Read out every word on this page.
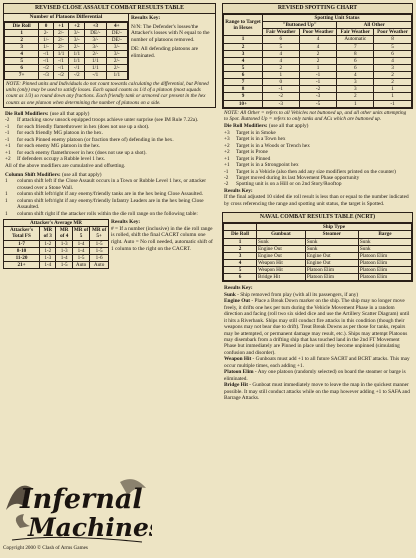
REVISED CLOSE ASSAULT COMBAT RESULTS TABLE
Number of Platoons Differential
Die Roll	0	+1	+2	+3	4+
1	2-	2/-	3/-	DE/-	DE/-
2	1/-	2/-	3/-	3/-	DE/-
3	1/-	2/-	2/-	3/-	3/-
4	-/1	1/1	1/1	2/-	3/-
5	-/1	-/1	1/1	1/1	2/-
6	-/2	-/1	-/1	1/1	2/-
7+	-/3	-/2	-/2	-/1	1/1
Results Key:

N/N: The Defender's losses/the Attacker's losses with N equal to the number of platoons removed.

DE: All defending platoons are eliminated.

NOTE: Pinned units and Individuals do not count towards calculating the differential, but Pinned units (only) may be used to satisfy losses. Each squad counts as 1/4 of a platoon (most squads count as 1/3) so round down any fractions. Each friendly tank or armored car present in the hex counts as one platoon when determining the number of platoons on a side.

Die Roll Modifiers: (use all that apply)
-2	If attacking snow unsock equipped troops achieve unter surprise (see IM Rule 7.22a).
-1	for each friendly flamethrower in hex (does not use up a shot).
-1	for each friendly MG platoon in the hex.
-1	for each Pinned enemy platoon (or fraction there of) defending in the hex.
+1	for each enemy MG platoon in the hex.
+1	for each enemy flamethrower in hex (does not use up a shot).
+2	If defenders occupy a Rubble level 1 hex.
All of the above modifiers are cumulative and offsetting.
Column Shift Modifiers: (use all that apply)
1	column shift left if the Close Assault occurs in a Town or Rubble Level 1 hex, or attacker crossed over a Stone Wall.
1	column shift left/right if any enemy/friendly tanks are in the hex being Close Assaulted.
1	column shift left/right if any enemy/friendly Infantry Leaders are in the hex being Close Assaulted.
1	column shift right if the attacker rolls within the die roll range on the following table:
Attacker's Average MR				
Attacker's Total FS	MR of 3	MR of 4	MR of 5	MR of 5+
1-7	1-2	1-3	1-4	1-5
8-10	1-2	1-3	1-4	1-5
11-20	1-3	1-4	1-5	1-6
21+	1-4	1-5	Auto	Auto
Results Key:

# = If a number (inclusive) in the die roll range is rolled, shift the final CACRT column one right. Auto = No roll needed, automatic shift of 1 column to the right on the CACRT.

Infernal
Machines
Copyright 2000 © Clash of Arms Games
REVISED SPOTTING CHART
Range to Target in Hexes	Spotting Unit Status			
	"Buttoned Up"		All Other	
	Fair Weather	Poor Weather	Fair Weather	Poor Weather
1	6	4	Automatic	8
2	5	4	7	5
3	4	2	8	6
4	4	2	6	4
5	2	1	6	3
6	1	-1	4	2
7	0	-1	3	2
8	-1	-2	3	1
9	-2	-3	2	1
10+	-3	-5	1	-1

NOTE: All Other = refers to all Vehicles not buttoned up, and all other units attempting to Spot. Buttoned Up = refers to only tanks and ACs which are buttoned up.

Die Roll Modifiers: (use all that apply)
+3	Target is in Smoke
+3	Target is in a Town hex
+2	Target is in a Woods or Trench hex
+2	Target is Prone
+1	Target is Pinned
+1	Target is in a Strongpoint hex
-1	Target is a Vehicle (also then add any size modifiers printed on the counter)
-2	Target moved during its last Movement Phase opportunity
-2	Spotting unit is on a Hill or on 2nd Story/Rooftop
Results Key:

If the final adjusted 10 sided die roll result is less than or equal to the number indicated by cross referencing the range and spotting unit status, the target is Spotted.

NAVAL COMBAT RESULTS TABLE (NCRT)
	Ship Type		
Die Roll	Gunboat	Steamer	Barge
1	Sunk	Sunk	Sunk
2	Engine Out	Sunk	Sunk
3	Engine Out	Engine Out	Platoon Elim
4	Weapon Hit	Engine Out	Platoon Elim
5	Weapon Hit	Platoon Elim	Platoon Elim
6	Bridge Hit	Platoon Elim	Platoon Elim
Results Key:

Sunk - Ship removed from play (with all its passengers, if any)

Engine Out - Place a Break Down marker on the ship. The ship may no longer move freely, it drifts one hex per turn during the Vehicle Movement Phase in a random direction and facing (roll two six sided dice and use the Artillery Scatter Diagram) until it hits a Riverbank. Ships may still conduct fire attacks in this condition (though their weapons may not bear due to drift). Treat Break Downs as per those for tanks, repairs may be attempted, or permanent damage may result, etc.). Ships may attempt Platoons may disembark from a drifting ship that has touched land in the 2nd FT Movement Phase but immediately are Pinned in place until they become unpinned (simulating confusion and disorder).

Weapon Hit - Gunboats must add +1 to all future SACRT and BCRT attacks. This may occur multiple times, each adding +1.

Platoon Elim - Any one platoon (randomly selected) on board the steamer or barge is eliminated.

Bridge Hit - Gunboat must immediately move to leave the map in the quickest manner possible. It may still conduct attacks while on the map however adding +1 to SAFA and Barrage Attacks.
